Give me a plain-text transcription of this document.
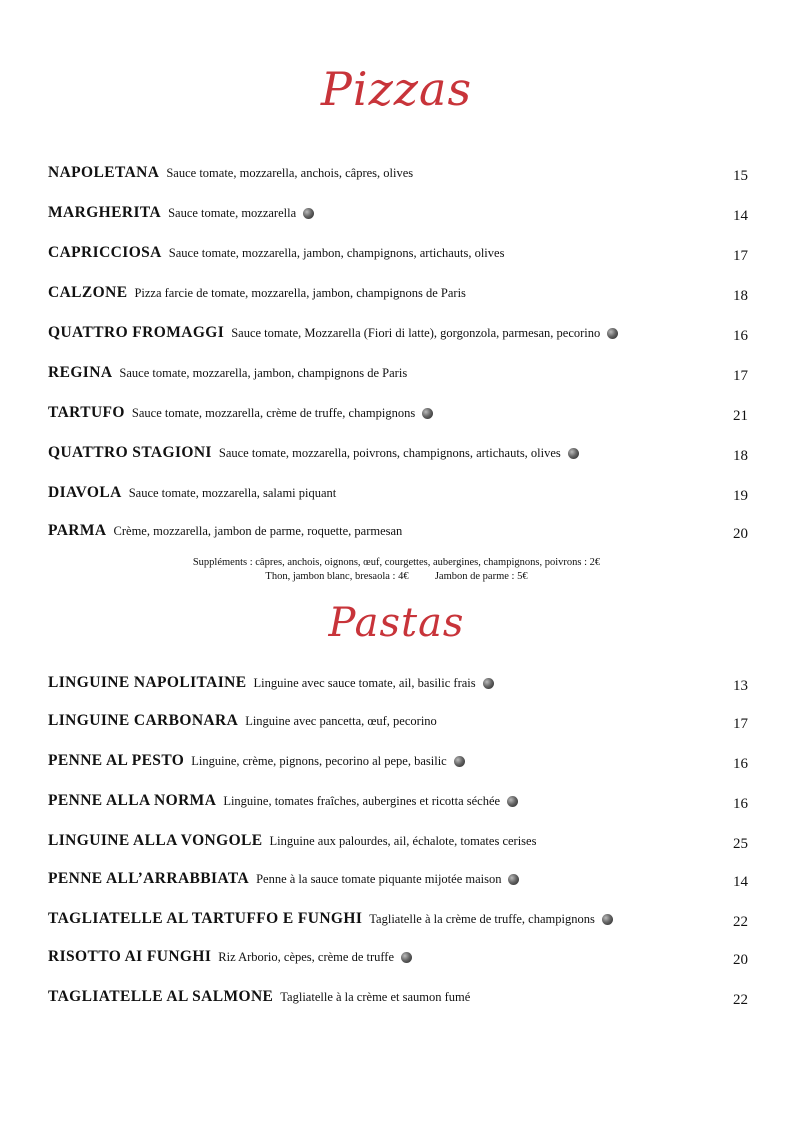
Pizzas
NAPOLETANA Sauce tomate, mozzarella, anchois, câpres, olives	15
MARGHERITA Sauce tomate, mozzarella	14
CAPRICCIOSA Sauce tomate, mozzarella, jambon, champignons, artichauts, olives	17
CALZONE Pizza farcie de tomate, mozzarella, jambon, champignons de Paris	18
QUATTRO FROMAGGI Sauce tomate, Mozzarella (Fiori di latte), gorgonzola, parmesan, pecorino	16
REGINA Sauce tomate, mozzarella, jambon, champignons de Paris	17
TARTUFO Sauce tomate, mozzarella, crème de truffe, champignons	21
QUATTRO STAGIONI Sauce tomate, mozzarella, poivrons, champignons, artichauts, olives	18
DIAVOLA Sauce tomate, mozzarella, salami piquant	19
PARMA Crème, mozzarella, jambon de parme, roquette, parmesan	20
Suppléments : câpres, anchois, oignons, œuf, courgettes, aubergines, champignons, poivrons : 2€
Thon, jambon blanc, bresaola : 4€          Jambon de parme : 5€
Pastas
LINGUINE NAPOLITAINE Linguine avec sauce tomate, ail, basilic frais	13
LINGUINE CARBONARA Linguine avec pancetta, œuf, pecorino	17
PENNE AL PESTO Linguine, crème, pignons, pecorino al pepe, basilic	16
PENNE ALLA NORMA Linguine, tomates fraîches, aubergines et ricotta séchée	16
LINGUINE ALLA VONGOLE Linguine aux palourdes, ail, échalote, tomates cerises	25
PENNE ALL’ARRABBIATA Penne à la sauce tomate piquante mijotée maison	14
TAGLIATELLE AL TARTUFFO E FUNGHI Tagliatelle à la crème de truffe, champignons	22
RISOTTO AI FUNGHI Riz Arborio, cèpes, crème de truffe	20
TAGLIATELLE AL SALMONE Tagliatelle à la crème et saumon fumé	22
